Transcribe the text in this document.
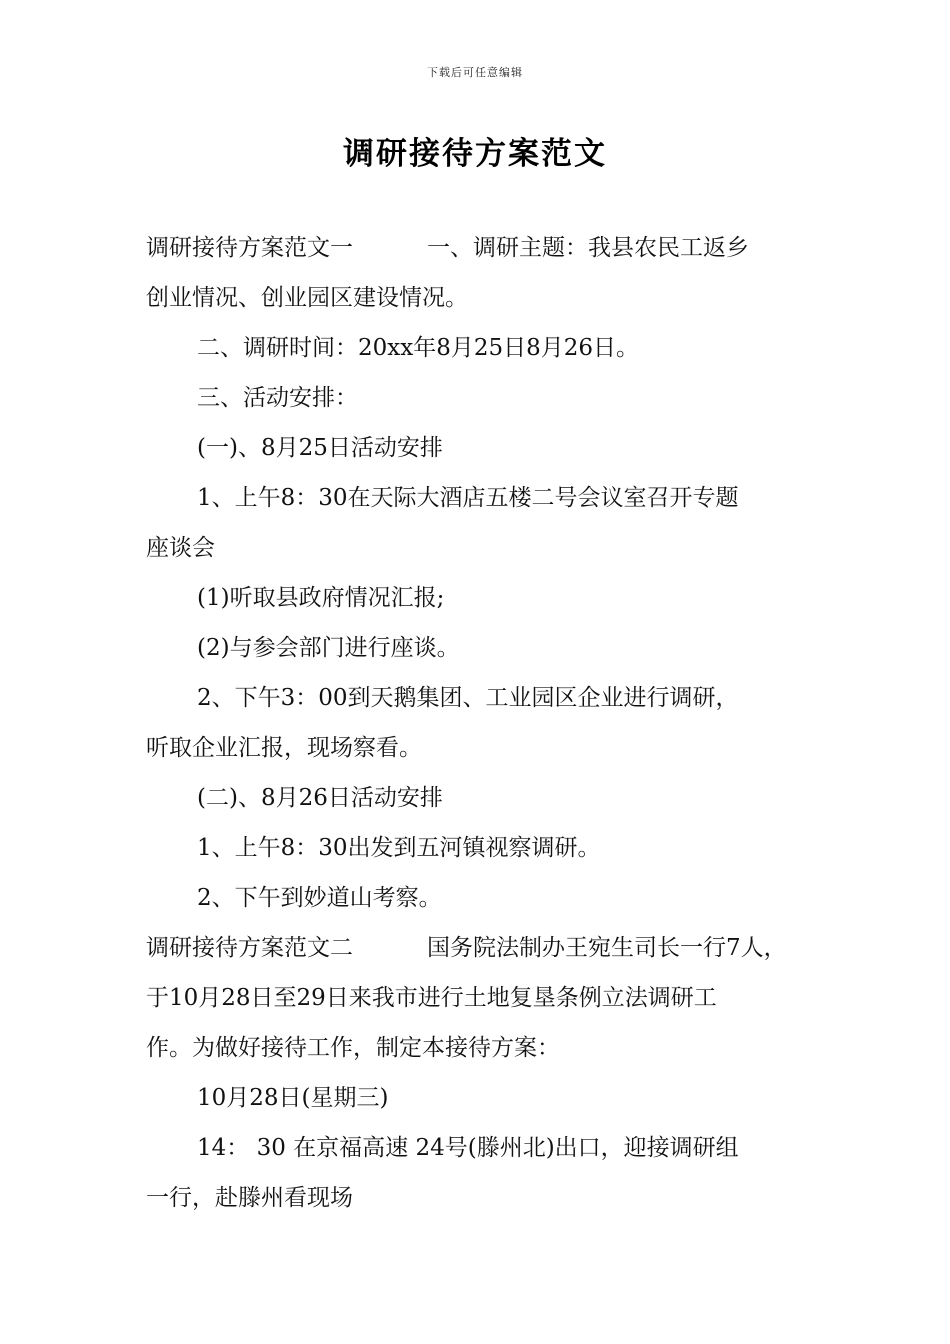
下载后可任意编辑
调研接待方案范文
调研接待方案范文一	一、调研主题：我县农民工返乡
创业情况、创业园区建设情况。
二、调研时间：20xx年8月25日8月26日。
三、活动安排：
(一)、8月25日活动安排
1、上午8：30在天际大酒店五楼二号会议室召开专题
座谈会
(1)听取县政府情况汇报;
(2)与参会部门进行座谈。
2、下午3：00到天鹅集团、工业园区企业进行调研，
听取企业汇报，现场察看。
(二)、8月26日活动安排
1、上午8：30出发到五河镇视察调研。
2、下午到妙道山考察。
调研接待方案范文二	国务院法制办王宛生司长一行7人，
于10月28日至29日来我市进行土地复垦条例立法调研工
作。为做好接待工作，制定本接待方案：
10月28日(星期三)
14： 30 在京福高速 24号(滕州北)出口，迎接调研组
一行，赴滕州看现场
